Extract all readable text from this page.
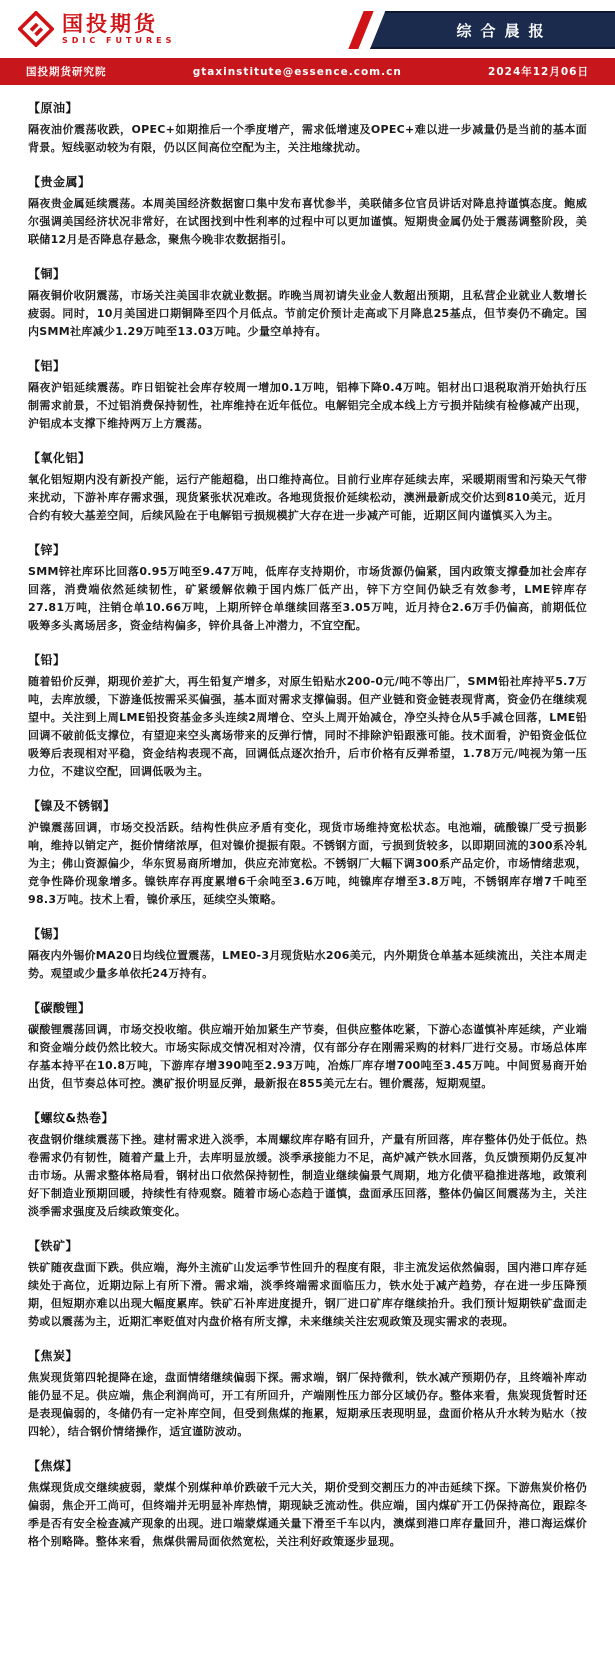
国投期货
SDIC FUTURES
综合晨报
国投期货研究院	gtaxinstitute@essence.com.cn	2024年12月06日
【原油】

隔夜油价震荡收跌，OPEC+如期推后一个季度增产，需求低增速及OPEC+难以进一步减量仍是当前的基本面背景。短线驱动较为有限，仍以区间高位空配为主，关注地缘扰动。

【贵金属】

隔夜贵金属延续震荡。本周美国经济数据窗口集中发布喜忧参半，美联储多位官员讲话对降息持谨慎态度。鲍威尔强调美国经济状况非常好，在试图找到中性利率的过程中可以更加谨慎。短期贵金属仍处于震荡调整阶段，美联储12月是否降息存悬念，聚焦今晚非农数据指引。

【铜】

隔夜铜价收阴震荡，市场关注美国非农就业数据。昨晚当周初请失业金人数超出预期，且私营企业就业人数增长疲弱。同时，10月美国进口期铜降至四个月低点。节前定价预计走高或下月降息25基点，但节奏仍不确定。国内SMM社库减少1.29万吨至13.03万吨。少量空单持有。

【铝】

隔夜沪铝延续震荡。昨日铝锭社会库存较周一增加0.1万吨，铝棒下降0.4万吨。铝材出口退税取消开始执行压制需求前景，不过铝消费保持韧性，社库维持在近年低位。电解铝完全成本线上方亏损并陆续有检修减产出现，沪铝成本支撑下维持两万上方震荡。

【氧化铝】

氧化铝短期内没有新投产能，运行产能超稳，出口维持高位。目前行业库存延续去库，采暖期雨雪和污染天气带来扰动，下游补库存需求强，现货紧张状况难改。各地现货报价延续松动，澳洲最新成交价达到810美元，近月合约有较大基差空间，后续风险在于电解铝亏损规模扩大存在进一步减产可能，近期区间内谨慎买入为主。

【锌】

SMM锌社库环比回落0.95万吨至9.47万吨，低库存支持期价，市场货源仍偏紧，国内政策支撑叠加社会库存回落，消费端依然延续韧性，矿紧缓解依赖于国内炼厂低产出，锌下方空间仍缺乏有效参考，LME锌库存27.81万吨，注销仓单10.66万吨，上期所锌仓单继续回落至3.05万吨，近月持仓2.6万手仍偏高，前期低位吸筹多头离场居多，资金结构偏多，锌价具备上冲潜力，不宜空配。

【铅】

随着铅价反弹，期现价差扩大，再生铅复产增多，对原生铅贴水200-0元/吨不等出厂，SMM铅社库持平5.7万吨，去库放缓，下游逢低按需采买偏强，基本面对需求支撑偏弱。但产业链和资金链表现背离，资金仍在继续观望中。关注到上周LME铅投资基金多头连续2周增仓、空头上周开始减仓，净空头持仓从5手减仓回落，LME铅回调不破前低支撑位，有望迎来空头离场带来的反弹行情，同时不排除沪铅跟涨可能。技术面看，沪铅资金低位吸筹后表现相对平稳，资金结构表现不高，回调低点逐次抬升，后市价格有反弹希望，1.78万元/吨视为第一压力位，不建议空配，回调低吸为主。

【镍及不锈钢】

沪镍震荡回调，市场交投活跃。结构性供应矛盾有变化，现货市场维持宽松状态。电池端，硫酸镍厂受亏损影响，维持以销定产，挺价情绪浓厚，但对镍价提振有限。不锈钢方面，亏损到货较多，以即期回流的300系冷轧为主；佛山资源偏少，华东贸易商所增加，供应充沛宽松。不锈钢厂大幅下调300系产品定价，市场情绪悲观，竞争性降价现象增多。镍铁库存再度累增6千余吨至3.6万吨，纯镍库存增至3.8万吨，不锈钢库存增7千吨至98.3万吨。技术上看，镍价承压，延续空头策略。

【锡】

隔夜内外锡价MA20日均线位置震荡，LME0-3月现货贴水206美元，内外期货仓单基本延续流出，关注本周走势。观望或少量多单依托24万持有。

【碳酸锂】

碳酸锂震荡回调，市场交投收缩。供应端开始加紧生产节奏，但供应整体吃紧，下游心态谨慎补库延续，产业端和资金端分歧仍然比较大。市场实际成交情况相对冷清，仅有部分存在刚需采购的材料厂进行交易。市场总体库存基本持平在10.8万吨，下游库存增390吨至2.93万吨，冶炼厂库存增700吨至3.45万吨。中间贸易商开始出货，但节奏总体可控。澳矿报价明显反弹，最新报在855美元左右。锂价震荡，短期观望。

【螺纹&热卷】

夜盘钢价继续震荡下挫。建材需求进入淡季，本周螺纹库存略有回升，产量有所回落，库存整体仍处于低位。热卷需求仍有韧性，随着产量上升，去库明显放缓。淡季承接能力不足，高炉减产铁水回落，负反馈预期仍反复冲击市场。从需求整体格局看，钢材出口依然保持韧性，制造业继续偏景气周期，地方化债平稳推进落地，政策利好下制造业预期回暖，持续性有待观察。随着市场心态趋于谨慎，盘面承压回落，整体仍偏区间震荡为主，关注淡季需求强度及后续政策变化。

【铁矿】

铁矿随夜盘面下跌。供应端，海外主流矿山发运季节性回升的程度有限，非主流发运依然偏弱，国内港口库存延续处于高位，近期边际上有所下滑。需求端，淡季终端需求面临压力，铁水处于减产趋势，存在进一步压降预期，但短期亦难以出现大幅度累库。铁矿石补库进度提升，钢厂进口矿库存继续抬升。我们预计短期铁矿盘面走势或以震荡为主，近期汇率贬值对内盘价格有所支撑，未来继续关注宏观政策及现实需求的表现。

【焦炭】

焦炭现货第四轮提降在途，盘面情绪继续偏弱下探。需求端，钢厂保持微利，铁水减产预期仍存，且终端补库动能仍显不足。供应端，焦企利润尚可，开工有所回升，产端刚性压力部分区域仍存。整体来看，焦炭现货暂时还是表现偏弱的，冬储仍有一定补库空间，但受到焦煤的拖累，短期承压表现明显，盘面价格从升水转为贴水（按四轮），结合钢价情绪操作，适宜谨防波动。

【焦煤】

焦煤现货成交继续疲弱，蒙煤个别煤种单价跌破千元大关，期价受到交割压力的冲击延续下探。下游焦炭价格仍偏弱，焦企开工尚可，但终端并无明显补库热情，期现缺乏流动性。供应端，国内煤矿开工仍保持高位，跟踪冬季是否有安全检查减产现象的出现。进口端蒙煤通关量下滑至千车以内，澳煤到港口库存量回升，港口海运煤价格个别略降。整体来看，焦煤供需局面依然宽松，关注利好政策逐步显现。
